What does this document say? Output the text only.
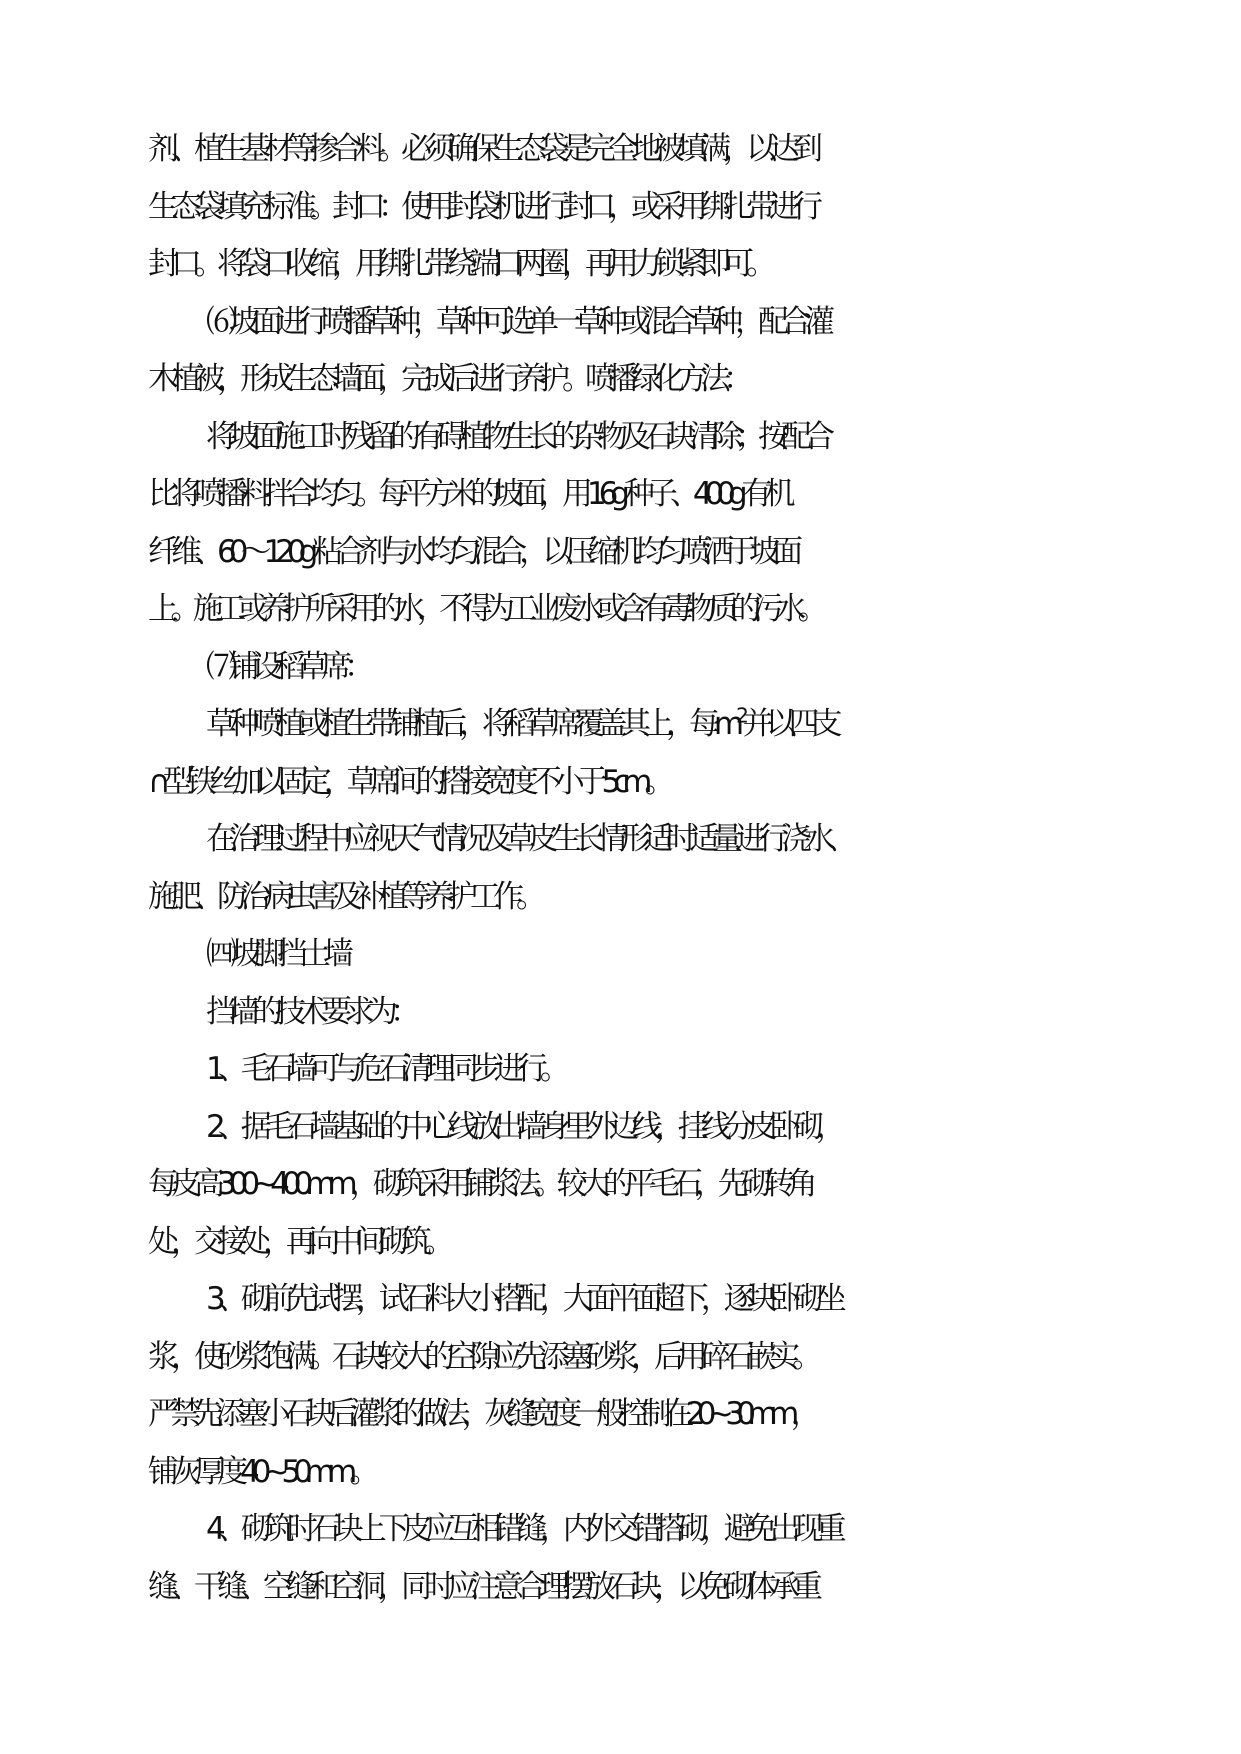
剂、植生基材等掺合料。必须确保生态袋是完全地被填满，以达到

生态袋填充标准。封口：使用封袋机进行封口，或采用绑扎带进行

封口。将袋口收缩，用绑扎带绕端口两圈，再用力锁紧即可。

⑹坡面进行喷播草种，草种可选单一草种或混合草种，配合灌

木植被，形成生态墙面，完成后进行养护。喷播绿化方法：

将坡面施工时残留的有碍植物生长的杂物及石块清除；按配合

比将喷播料拌合均匀。每平方米的坡面，用 16g 种子、400g 有机

纤维、60～120g 粘合剂与水均匀混合，以压缩机均匀喷洒于坡面

上。施工或养护所采用的水，不得为工业废水或含有毒物质的污水。

⑺铺设稻草席：

草种喷植或植生带铺植后，将稻草席覆盖其上，每 $m^2$ 并以四支

∩型铁丝加以固定，草席间的搭接宽度不小于 5cm。

在治理过程中应视天气情况及草皮生长情形适时适量进行浇水、

施肥、防治病虫害及补植等养护工作。

㈣ 坡脚挡土墙

挡墙的技术要求为：

1、毛石墙可与危石清理同步进行。

2、据毛石墙基础的中心线放出墙身里外边线，挂线分皮卧砌，

每皮高300~400mm，砌筑采用铺浆法。较大的平毛石，先砌转角

处，交接处，再向中间砌筑。

3、砌前先试摆，试石料大小搭配，大面平面超下，逐块卧砌坐

浆，使砂浆饱满。石块较大的空隙应先添塞砂浆，后用碎石嵌实。

严禁先添塞小石块后灌浆的做法，灰缝宽度一般控制在20~30mm，

铺灰厚度40~50mm。

4、砌筑时石块上下皮应互相错缝，内外交错搭砌，避免出现重

缝、干缝、空缝和空洞，同时应注意合理摆放石块，以免砌体承重
